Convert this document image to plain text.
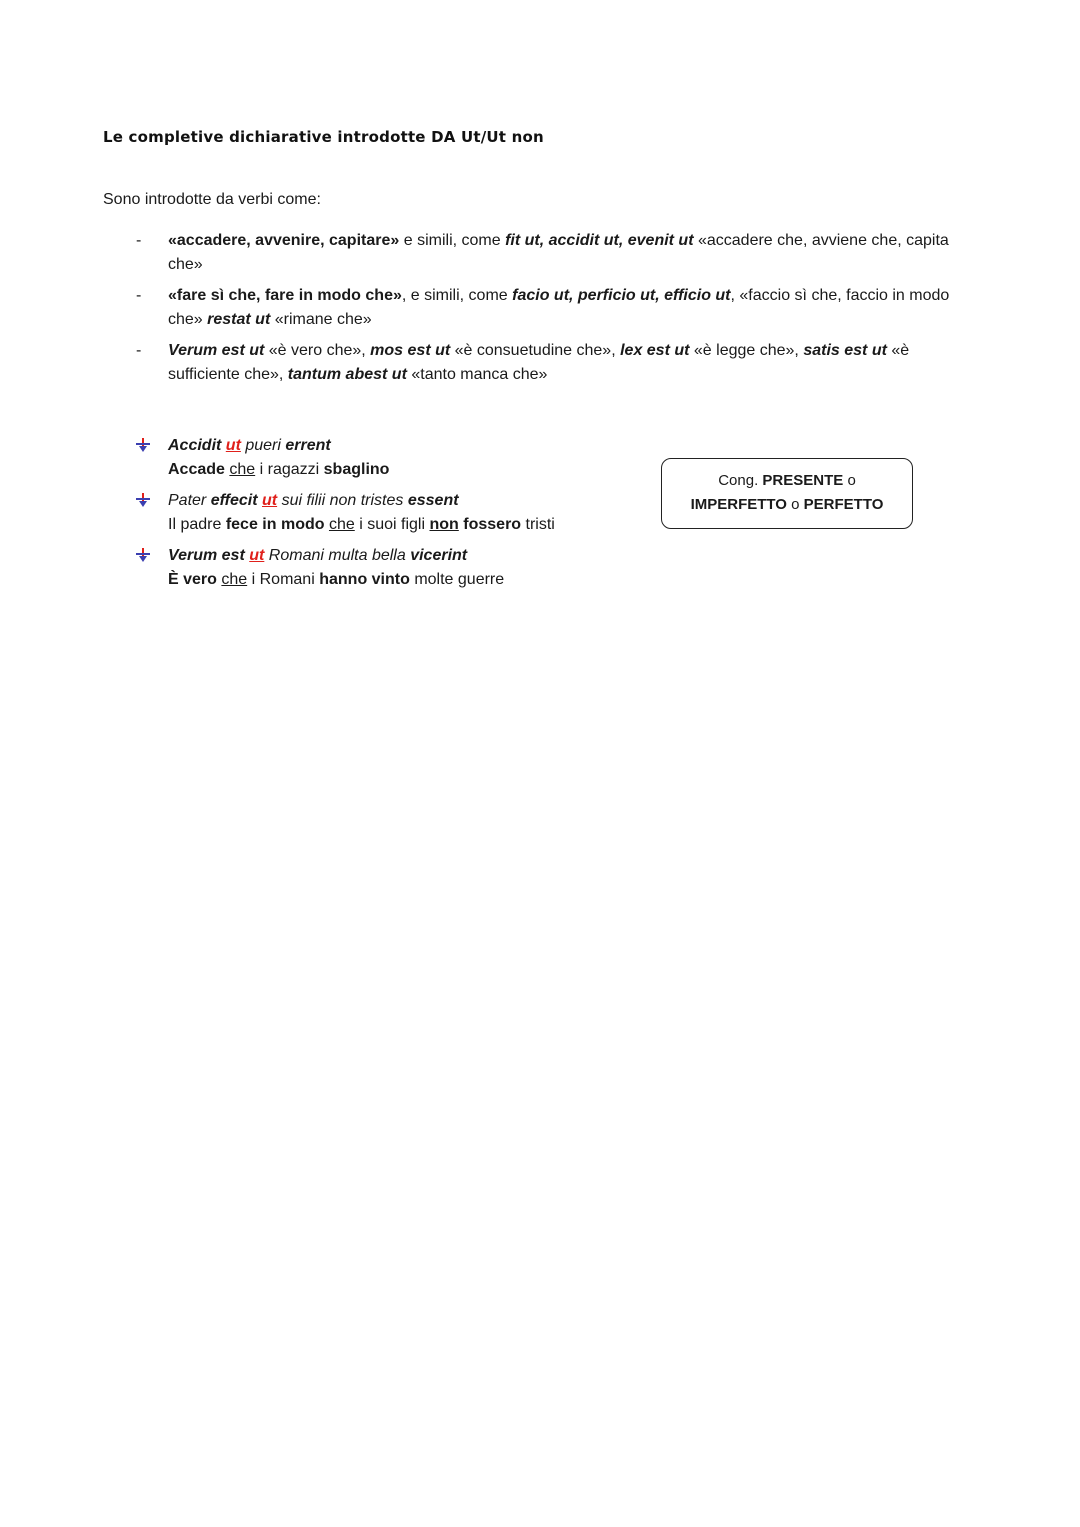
Le completive dichiarative introdotte DA Ut/Ut non
Sono introdotte da verbi come:
- «accadere, avvenire, capitare» e simili, come fit ut, accidit ut, evenit ut «accadere che, avviene che, capita che»
- «fare sì che, fare in modo che», e simili, come facio ut, perficio ut, efficio ut, «faccio sì che, faccio in modo che» restat ut «rimane che»
- Verum est ut «è vero che», mos est ut «è consuetudine che», lex est ut «è legge che», satis est ut «è sufficiente che», tantum abest ut «tanto manca che»
Accidit ut pueri errent
Accade che i ragazzi sbaglino
Pater effecit ut sui filii non tristes essent
Il padre fece in modo che i suoi figli non fossero tristi
Verum est ut Romani multa bella vicerint
È vero che i Romani hanno vinto molte guerre
Cong. PRESENTE o
IMPERFETTO o PERFETTO
